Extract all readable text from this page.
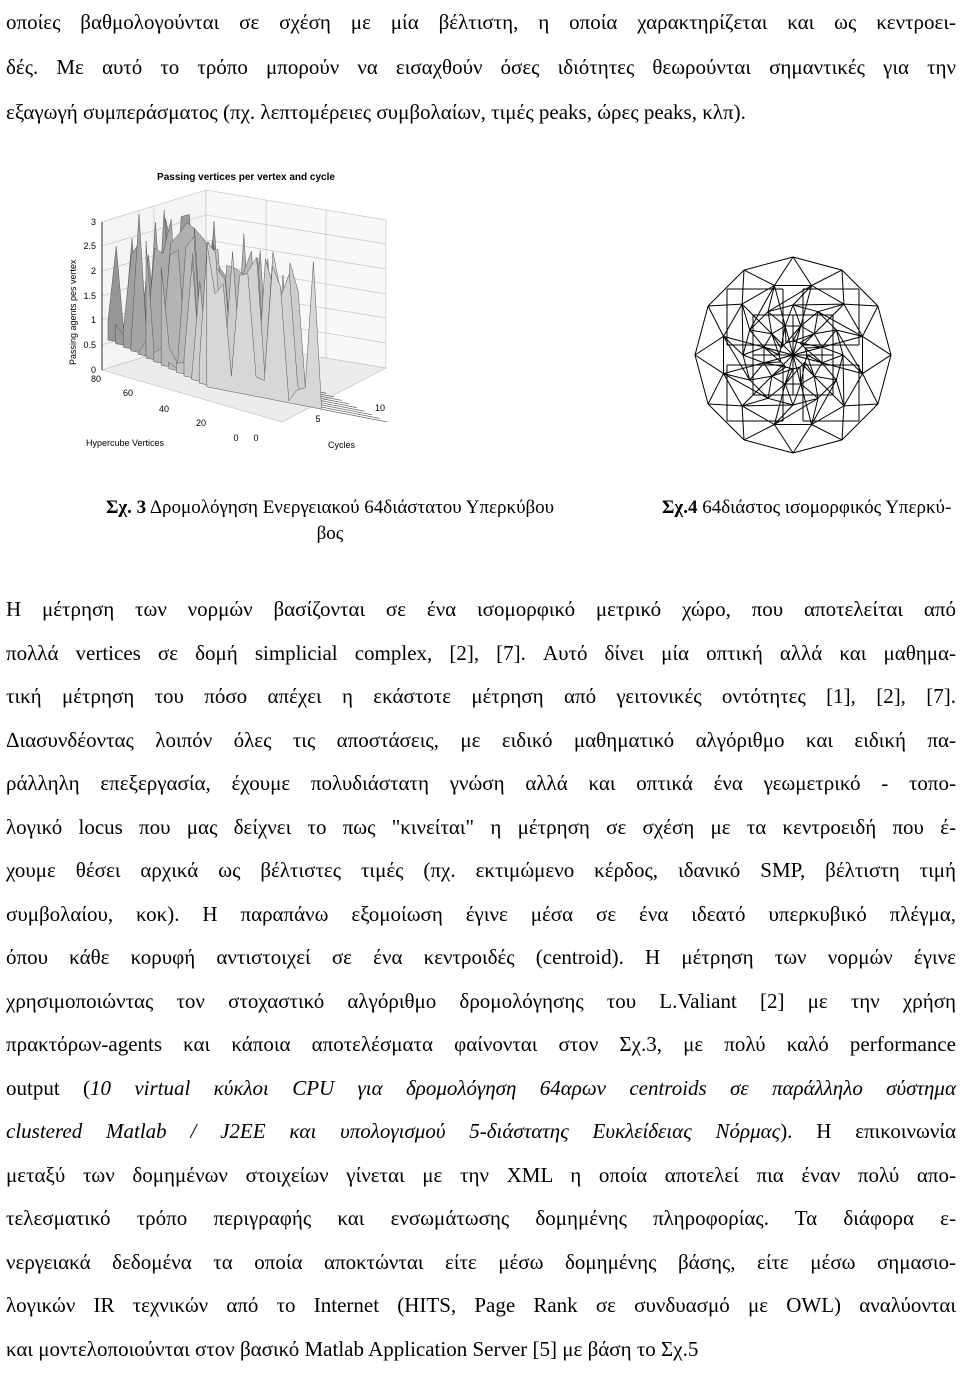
οποίες βαθμολογούνται σε σχέση με μία βέλτιστη, η οποία χαρακτηρίζεται και ως κεντροει-
δές. Με αυτό το τρόπο μπορούν να εισαχθούν όσες ιδιότητες θεωρούνται σημαντικές για την
εξαγωγή συμπεράσματος (πχ. λεπτομέρειες συμβολαίων, τιμές peaks, ώρες peaks, κλπ).
Passing vertices per vertex and cycle
0
0.5
1
1.5
2
2.5
3
Passing agents pes vertex
80
60
40
20
0
Hypercube Vertices	0
5
10
Cycles
Σχ. 3 Δρομολόγηση Ενεργειακού 64διάστατου Υπερκύβου
βος
Σχ.4 64διάστος ισομορφικός Υπερκύ-
Η μέτρηση των νορμών βασίζονται σε ένα ισομορφικό μετρικό χώρο, που αποτελείται από
πολλά vertices σε δομή simplicial complex, [2], [7]. Αυτό δίνει μία οπτική αλλά και μαθημα-
τική μέτρηση του πόσο απέχει η εκάστοτε μέτρηση από γειτονικές οντότητες [1], [2], [7].
Διασυνδέοντας λοιπόν όλες τις αποστάσεις, με ειδικό μαθηματικό αλγόριθμο και ειδική πα-
ράλληλη επεξεργασία, έχουμε πολυδιάστατη γνώση αλλά και οπτικά ένα γεωμετρικό - τοπο-
λογικό locus που μας δείχνει το πως "κινείται" η μέτρηση σε σχέση με τα κεντροειδή που έ-
χουμε θέσει αρχικά ως βέλτιστες τιμές (πχ. εκτιμώμενο κέρδος, ιδανικό SMP, βέλτιστη τιμή
συμβολαίου, κοκ). Η παραπάνω εξομοίωση έγινε μέσα σε ένα ιδεατό υπερκυβικό πλέγμα,
όπου κάθε κορυφή αντιστοιχεί σε ένα κεντροιδές (centroid). Η μέτρηση των νορμών έγινε
χρησιμοποιώντας τον στοχαστικό αλγόριθμο δρομολόγησης του L.Valiant [2] με την χρήση
πρακτόρων-agents και κάποια αποτελέσματα φαίνονται στον Σχ.3, με πολύ καλό performance
output (10 virtual κύκλοι CPU για δρομολόγηση 64αρων centroids σε παράλληλο σύστημα
clustered Matlab / J2EE και υπολογισμού 5-διάστατης Ευκλείδειας Νόρμας). Η επικοινωνία
μεταξύ των δομημένων στοιχείων γίνεται με την XML η οποία αποτελεί πια έναν πολύ απο-
τελεσματικό τρόπο περιγραφής και ενσωμάτωσης δομημένης πληροφορίας. Τα διάφορα ε-
νεργειακά δεδομένα τα οποία αποκτώνται είτε μέσω δομημένης βάσης, είτε μέσω σημασιο-
λογικών IR τεχνικών από το Internet (HITS, Page Rank σε συνδυασμό με OWL) αναλύονται
και μοντελοποιούνται στον βασικό Matlab Application Server [5] με βάση το Σχ.5
